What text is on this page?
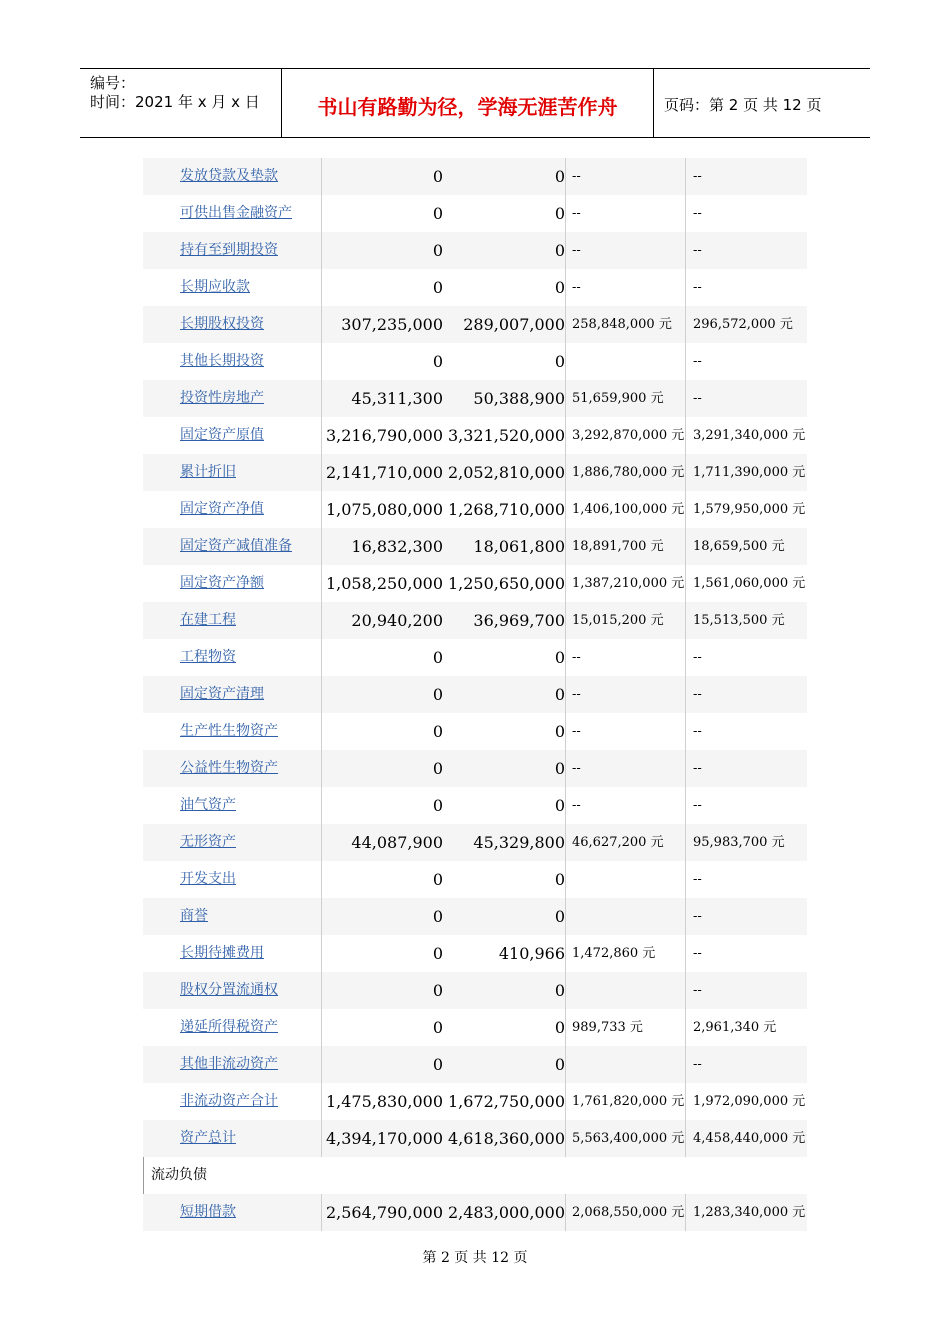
编号：
时间：2021 年 x 月 x 日	书山有路勤为径，学海无涯苦作舟	页码：第 2 页 共 12 页
发放贷款及垫款	0	0 --	--
可供出售金融资产	0	0 --	--
持有至到期投资	0	0 --	--
长期应收款	0	0 --	--
长期股权投资	307,235,000	289,007,000 258,848,000 元	296,572,000 元
其他长期投资	0	0	--
投资性房地产	45,311,300	50,388,900 51,659,900 元	--
固定资产原值	3,216,790,000 3,321,520,000 3,292,870,000 元 3,291,340,000 元
累计折旧	2,141,710,000 2,052,810,000 1,886,780,000 元 1,711,390,000 元
固定资产净值	1,075,080,000 1,268,710,000 1,406,100,000 元 1,579,950,000 元
固定资产减值准备	16,832,300	18,061,800 18,891,700 元	18,659,500 元
固定资产净额	1,058,250,000 1,250,650,000 1,387,210,000 元 1,561,060,000 元
在建工程	20,940,200	36,969,700 15,015,200 元	15,513,500 元
工程物资	0	0 --	--
固定资产清理	0	0 --	--
生产性生物资产	0	0 --	--
公益性生物资产	0	0 --	--
油气资产	0	0 --	--
无形资产	44,087,900	45,329,800 46,627,200 元	95,983,700 元
开发支出	0	0	--
商誉	0	0	--
长期待摊费用	0	410,966 1,472,860 元	--
股权分置流通权	0	0	--
递延所得税资产	0	0 989,733 元	2,961,340 元
其他非流动资产	0	0	--
非流动资产合计	1,475,830,000 1,672,750,000 1,761,820,000 元 1,972,090,000 元
资产总计	4,394,170,000 4,618,360,000 5,563,400,000 元 4,458,440,000 元
流动负债
短期借款	2,564,790,000 2,483,000,000 2,068,550,000 元 1,283,340,000 元
第 2 页 共 12 页
